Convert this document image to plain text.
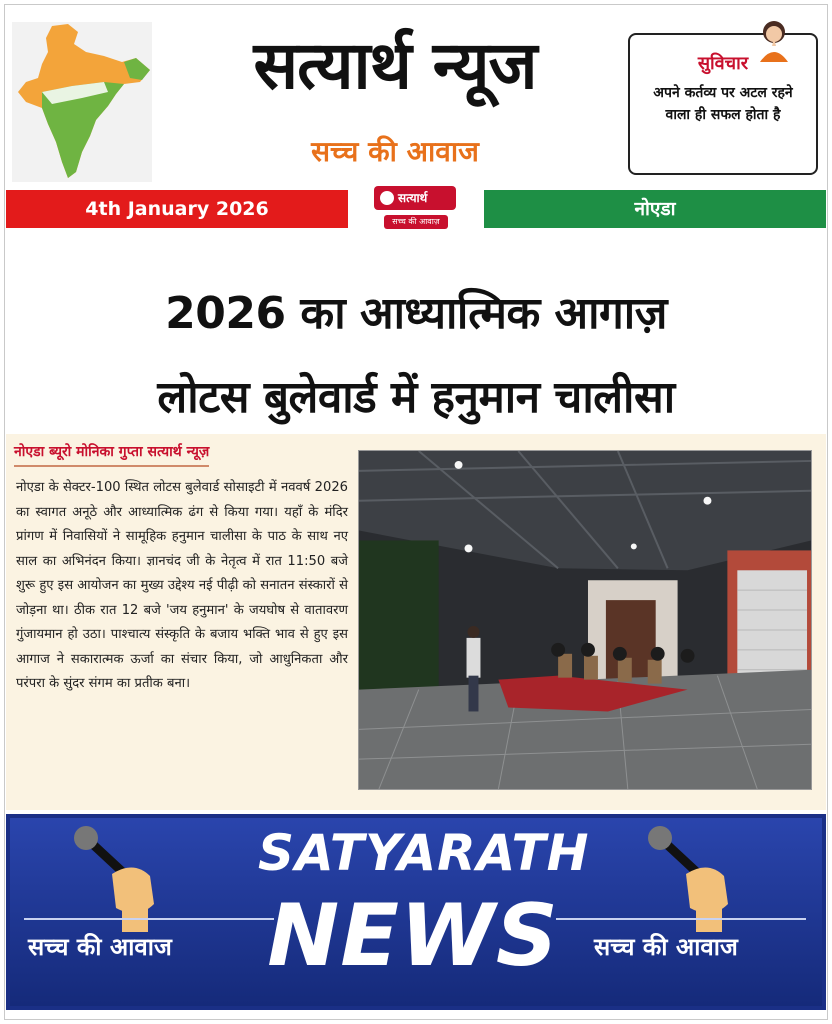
सत्यार्थ न्यूज
सच्च की आवाज
सुविचार
अपने कर्तव्य पर अटल रहने वाला ही सफल होता है
4th January 2026	नोएडा
सत्यार्थ
सच्च की आवाज़
2026 का आध्यात्मिक आगाज़
लोटस बुलेवार्ड में हनुमान चालीसा
नोएडा ब्यूरो मोनिका गुप्ता सत्यार्थ न्यूज़
नोएडा के सेक्टर-100 स्थित लोटस बुलेवार्ड सोसाइटी में नववर्ष 2026 का स्वागत अनूठे और आध्यात्मिक ढंग से किया गया। यहाँ के मंदिर प्रांगण में निवासियों ने सामूहिक हनुमान चालीसा के पाठ के साथ नए साल का अभिनंदन किया। ज्ञानचंद जी के नेतृत्व में रात 11:50 बजे शुरू हुए इस आयोजन का मुख्य उद्देश्य नई पीढ़ी को सनातन संस्कारों से जोड़ना था। ठीक रात 12 बजे 'जय हनुमान' के जयघोष से वातावरण गुंजायमान हो उठा। पाश्चात्य संस्कृति के बजाय भक्ति भाव से हुए इस आगाज ने सकारात्मक ऊर्जा का संचार किया, जो आधुनिकता और परंपरा के सुंदर संगम का प्रतीक बना।
SATYARATH
NEWS
सच्च की आवाज	सच्च की आवाज
